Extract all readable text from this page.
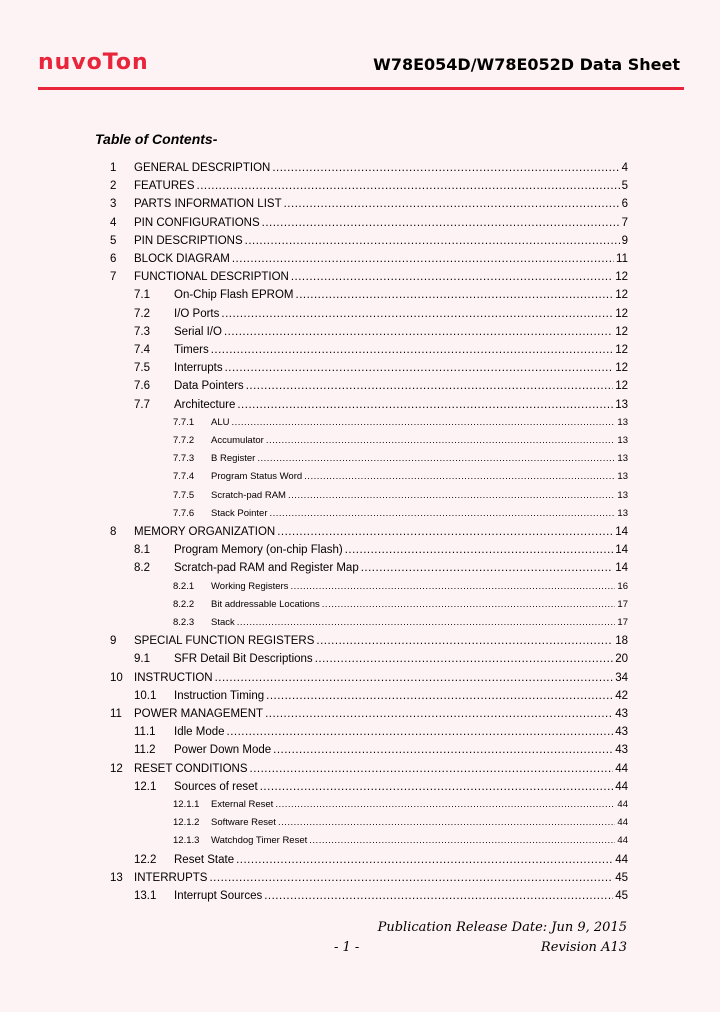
nuvoTon	W78E054D/W78E052D Data Sheet
Table of Contents-
1	GENERAL DESCRIPTION .....	4
2	FEATURES .....	5
3	PARTS INFORMATION LIST .....	6
4	PIN CONFIGURATIONS .....	7
5	PIN DESCRIPTIONS .....	9
6	BLOCK DIAGRAM .....	11
7	FUNCTIONAL DESCRIPTION .....	12
7.1	On-Chip Flash EPROM .....	12
7.2	I/O Ports .....	12
7.3	Serial I/O .....	12
7.4	Timers .....	12
7.5	Interrupts .....	12
7.6	Data Pointers .....	12
7.7	Architecture .....	13
7.7.1	ALU .....	13
7.7.2	Accumulator .....	13
7.7.3	B Register .....	13
7.7.4	Program Status Word .....	13
7.7.5	Scratch-pad RAM .....	13
7.7.6	Stack Pointer .....	13
8	MEMORY ORGANIZATION .....	14
8.1	Program Memory (on-chip Flash) .....	14
8.2	Scratch-pad RAM and Register Map .....	14
8.2.1	Working Registers .....	16
8.2.2	Bit addressable Locations .....	17
8.2.3	Stack .....	17
9	SPECIAL FUNCTION REGISTERS .....	18
9.1	SFR Detail Bit Descriptions .....	20
10 INSTRUCTION .....	34
10.1	Instruction Timing .....	42
11	POWER MANAGEMENT .....	43
11.1	Idle Mode .....	43
11.2	Power Down Mode .....	43
12 RESET CONDITIONS .....	44
12.1	Sources of reset .....	44
12.1.1	External Reset .....	44
12.1.2	Software Reset .....	44
12.1.3	Watchdog Timer Reset .....	44
12.2	Reset State .....	44
13 INTERRUPTS .....	45
13.1	Interrupt Sources .....	45
Publication Release Date: Jun 9, 2015
- 1 -	Revision A13
